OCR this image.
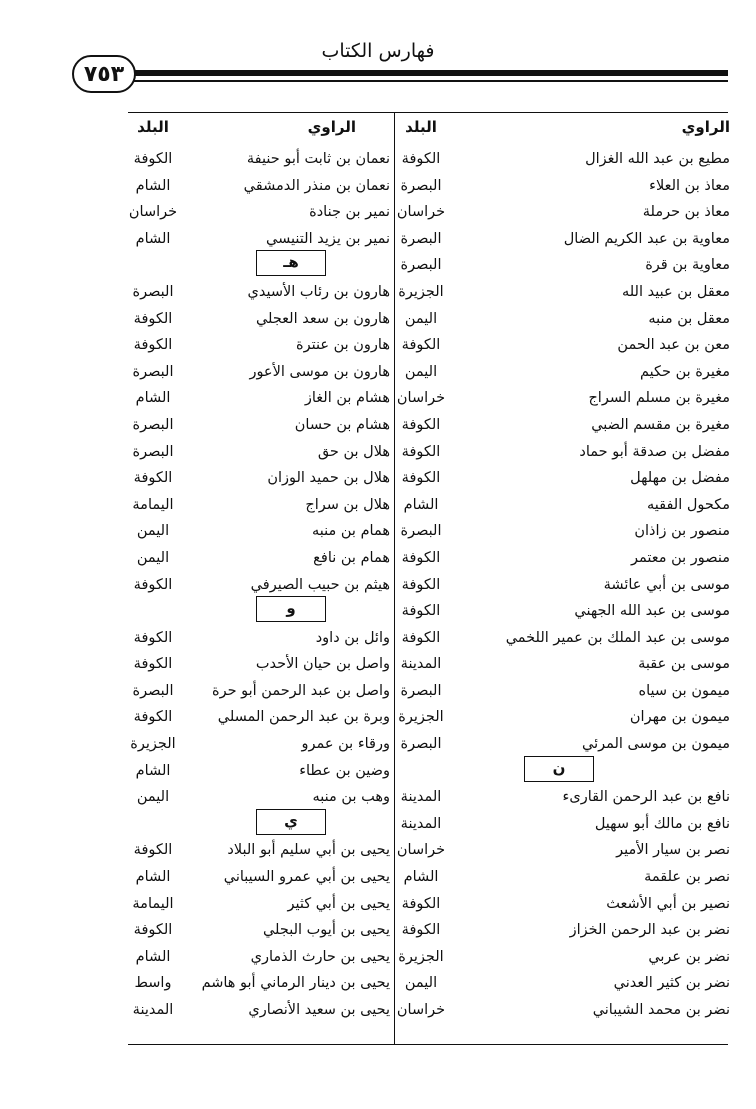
فهارس الكتاب
٧٥٣
الراوي
البلد
الراوي
البلد
مطيع بن عبد الله الغزال
الكوفة
نعمان بن ثابت أبو حنيفة
الكوفة
معاذ بن العلاء
البصرة
نعمان بن منذر الدمشقي
الشام
معاذ بن حرملة
خراسان
نمير بن جنادة
خراسان
معاوية بن عبد الكريم الضال
البصرة
نمير بن يزيد التنيسي
الشام
معاوية بن قرة
البصرة
هـ
معقل بن عبيد الله
الجزيرة
هارون بن رئاب الأسيدي
البصرة
معقل بن منبه
اليمن
هارون بن سعد العجلي
الكوفة
معن بن عبد الحمن
الكوفة
هارون بن عنترة
الكوفة
مغيرة بن حكيم
اليمن
هارون بن موسى الأعور
البصرة
مغيرة بن مسلم السراج
خراسان
هشام بن الغاز
الشام
مغيرة بن مقسم الضبي
الكوفة
هشام بن حسان
البصرة
مفضل بن صدقة أبو حماد
الكوفة
هلال بن حق
البصرة
مفضل بن مهلهل
الكوفة
هلال بن حميد الوزان
الكوفة
مكحول الفقيه
الشام
هلال بن سراج
اليمامة
منصور بن زاذان
البصرة
همام بن منبه
اليمن
منصور بن معتمر
الكوفة
همام بن نافع
اليمن
موسى بن أبي عائشة
الكوفة
هيثم بن حبيب الصيرفي
الكوفة
موسى بن عبد الله الجهني
الكوفة
و
موسى بن عبد الملك بن عمير اللخمي
الكوفة
وائل بن داود
الكوفة
موسى بن عقبة
المدينة
واصل بن حيان الأحدب
الكوفة
ميمون بن سياه
البصرة
واصل بن عبد الرحمن أبو حرة
البصرة
ميمون بن مهران
الجزيرة
وبرة بن عبد الرحمن المسلي
الكوفة
ميمون بن موسى المرئي
البصرة
ورقاء بن عمرو
الجزيرة
ن
وضين بن عطاء
الشام
نافع بن عبد الرحمن القارىء
المدينة
وهب بن منبه
اليمن
نافع بن مالك أبو سهيل
المدينة
ي
نصر بن سيار الأمير
خراسان
يحيى بن أبي سليم أبو البلاد
الكوفة
نصر بن علقمة
الشام
يحيى بن أبي عمرو السيباني
الشام
نصير بن أبي الأشعث
الكوفة
يحيى بن أبي كثير
اليمامة
نضر بن عبد الرحمن الخزاز
الكوفة
يحيى بن أيوب البجلي
الكوفة
نضر بن عربي
الجزيرة
يحيى بن حارث الذماري
الشام
نضر بن كثير العدني
اليمن
يحيى بن دينار الرماني أبو هاشم
واسط
نضر بن محمد الشيباني
خراسان
يحيى بن سعيد الأنصاري
المدينة
